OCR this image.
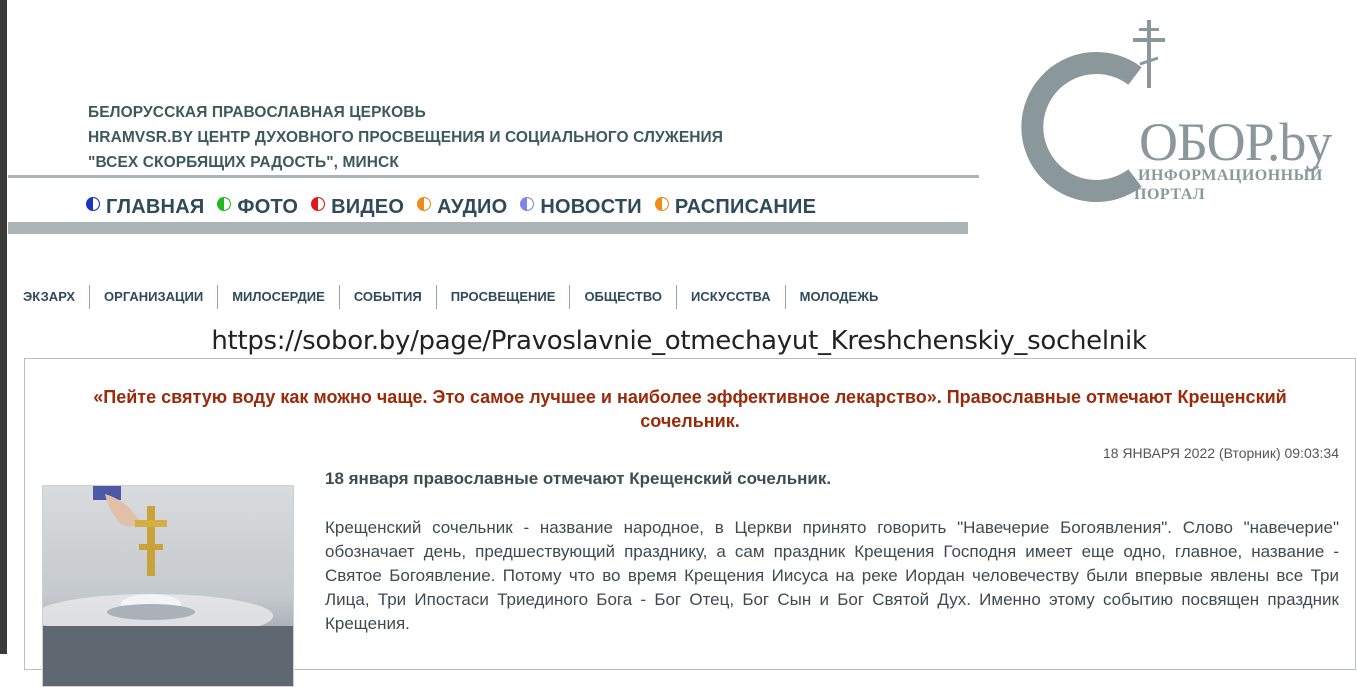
БЕЛОРУССКАЯ ПРАВОСЛАВНАЯ ЦЕРКОВЬ
HRAMVSR.BY ЦЕНТР ДУХОВНОГО ПРОСВЕЩЕНИЯ И СОЦИАЛЬНОГО СЛУЖЕНИЯ
"ВСЕХ СКОРБЯЩИХ РАДОСТЬ", МИНСК
ГЛАВНАЯ ФОТО ВИДЕО АУДИО НОВОСТИ РАСПИСАНИЕ
ОБОР.by
ИНФОРМАЦИОННЫЙ
ПОРТАЛ
ЭКЗАРХ	ОРГАНИЗАЦИИ	МИЛОСЕРДИЕ	СОБЫТИЯ	ПРОСВЕЩЕНИЕ	ОБЩЕСТВО	ИСКУССТВА	МОЛОДЕЖЬ
https://sobor.by/page/Pravoslavnie_otmechayut_Kreshchenskiy_sochelnik
«Пейте святую воду как можно чаще. Это самое лучшее и наиболее эффективное лекарство». Православные отмечают Крещенский сочельник.
18 ЯНВАРЯ 2022 (Вторник) 09:03:34
18 января православные отмечают Крещенский сочельник.
Крещенский сочельник - название народное, в Церкви принято говорить "Навечерие Богоявления". Слово "навечерие" обозначает день, предшествующий празднику, а сам праздник Крещения Господня имеет еще одно, главное, название - Святое Богоявление. Потому что во время Крещения Иисуса на реке Иордан человечеству были впервые явлены все Три Лица, Три Ипостаси Триединого Бога - Бог Отец, Бог Сын и Бог Святой Дух. Именно этому событию посвящен праздник Крещения.
